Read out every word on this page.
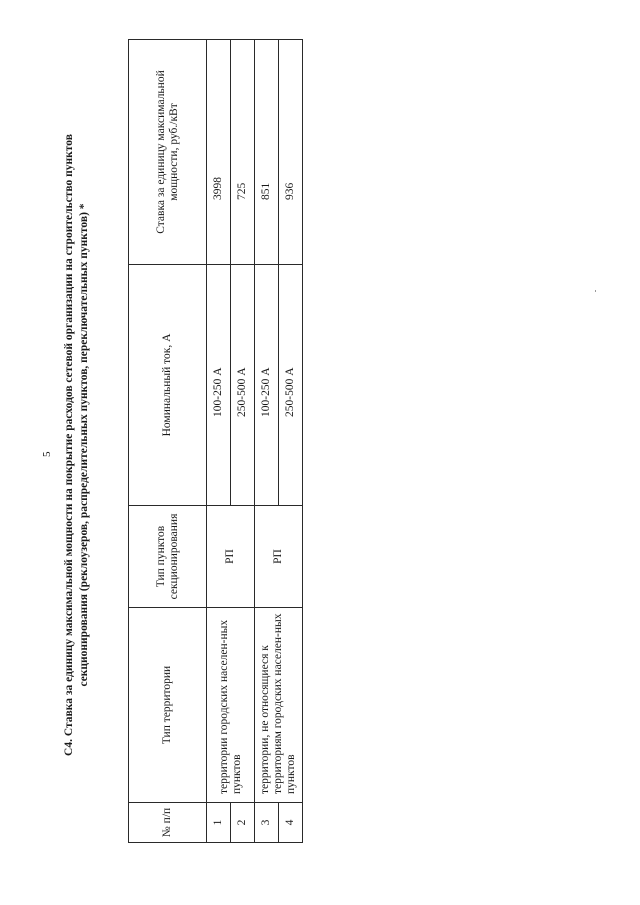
5 C4. Ставка за единицу максимальной мощности на покрытие расходов сетевой организации на строительство пунктов секционирования (реклоузеров, распределительных пунктов, переключательных пунктов) *
№ п/п	Тип территории	Тип пунктов секционирования	Номинальный ток, А	Ставка за единицу максимальной мощности, руб./кВт
1	территории городских населен-ных пунктов	РП	100-250 А	3998
2			250-500 А	725
3	территории, не относящиеся к территориям городских населен-ных пунктов	РП	100-250 А	851
4			250-500 А	936
